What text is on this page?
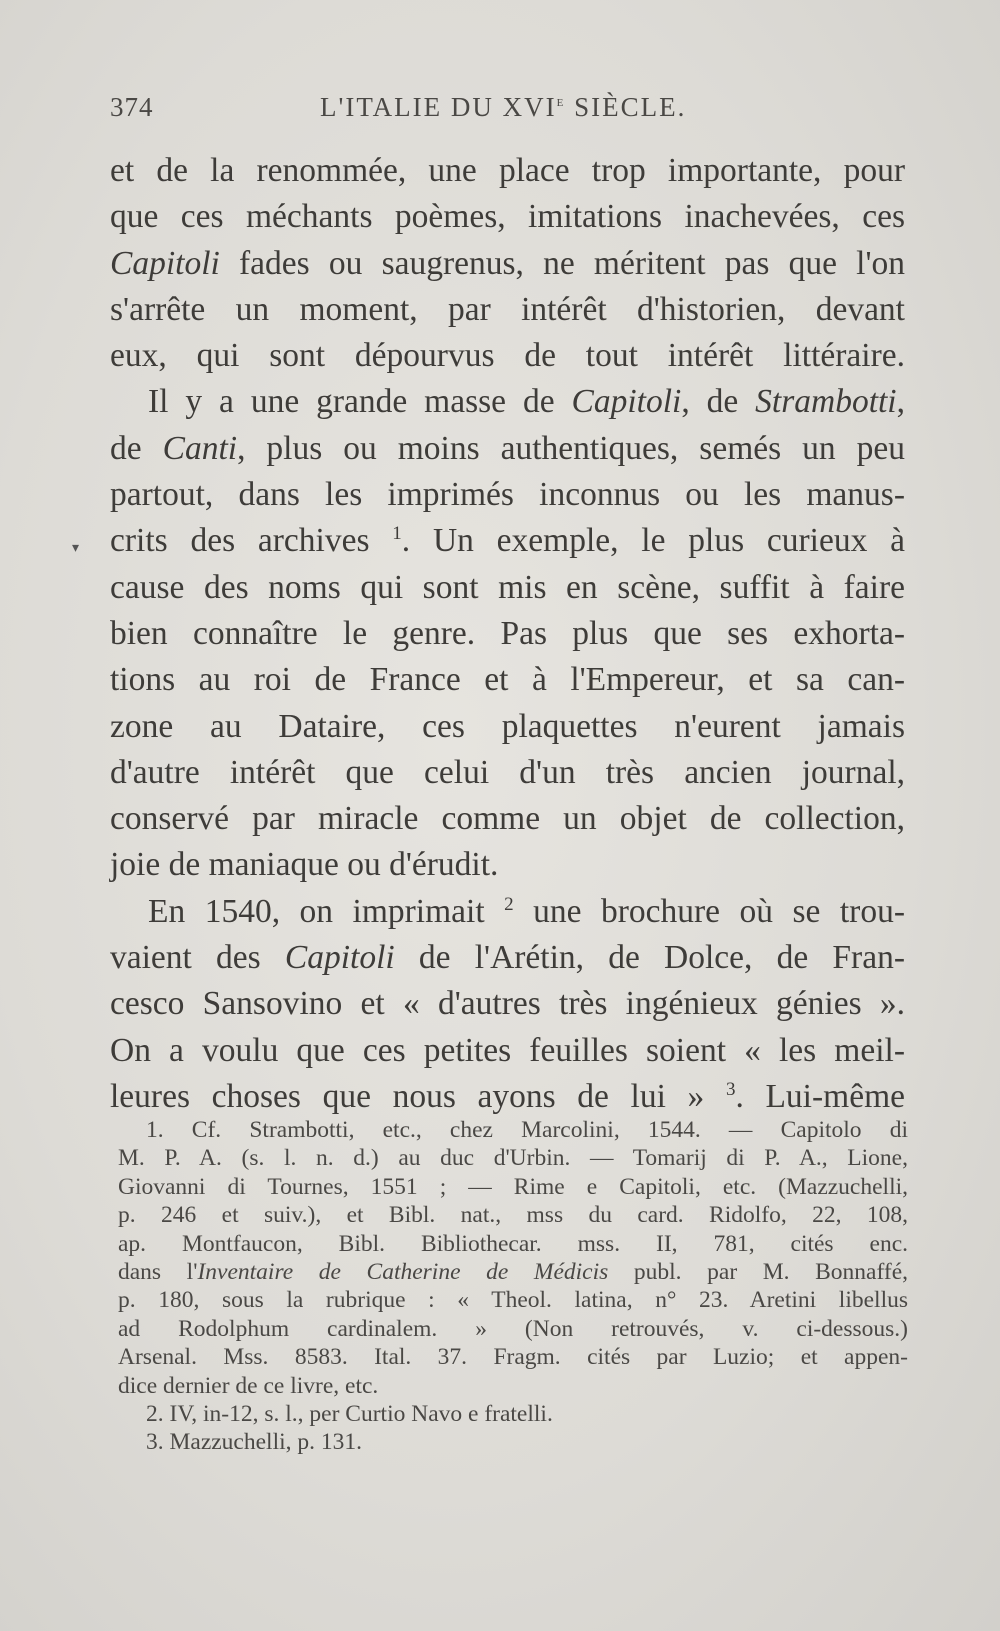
374	L'ITALIE DU XVIe SIÈCLE.
▾
et de la renommée, une place trop importante, pour
que ces méchants poèmes, imitations inachevées, ces
Capitoli fades ou saugrenus, ne méritent pas que l'on
s'arrête un moment, par intérêt d'historien, devant
eux, qui sont dépourvus de tout intérêt littéraire.
Il y a une grande masse de Capitoli, de Strambotti,
de Canti, plus ou moins authentiques, semés un peu
partout, dans les imprimés inconnus ou les manus-
crits des archives $^1$. Un exemple, le plus curieux à
cause des noms qui sont mis en scène, suffit à faire
bien connaître le genre. Pas plus que ses exhorta-
tions au roi de France et à l'Empereur, et sa can-
zone au Dataire, ces plaquettes n'eurent jamais
d'autre intérêt que celui d'un très ancien journal,
conservé par miracle comme un objet de collection,
joie de maniaque ou d'érudit.
En 1540, on imprimait $^2$ une brochure où se trou-
vaient des Capitoli de l'Arétin, de Dolce, de Fran-
cesco Sansovino et « d'autres très ingénieux génies ».
On a voulu que ces petites feuilles soient « les meil-
leures choses que nous ayons de lui » $^3$. Lui-même
1. Cf. Strambotti, etc., chez Marcolini, 1544. — Capitolo di
M. P. A. (s. l. n. d.) au duc d'Urbin. — Tomarij di P. A., Lione,
Giovanni di Tournes, 1551 ; — Rime e Capitoli, etc. (Mazzuchelli,
p. 246 et suiv.), et Bibl. nat., mss du card. Ridolfo, 22, 108,
ap. Montfaucon, Bibl. Bibliothecar. mss. II, 781, cités enc.
dans l'Inventaire de Catherine de Médicis publ. par M. Bonnaffé,
p. 180, sous la rubrique : « Theol. latina, n° 23. Aretini libellus
ad Rodolphum cardinalem. » (Non retrouvés, v. ci-dessous.)
Arsenal. Mss. 8583. Ital. 37. Fragm. cités par Luzio; et appen-
dice dernier de ce livre, etc.
2. IV, in-12, s. l., per Curtio Navo e fratelli.
3. Mazzuchelli, p. 131.
